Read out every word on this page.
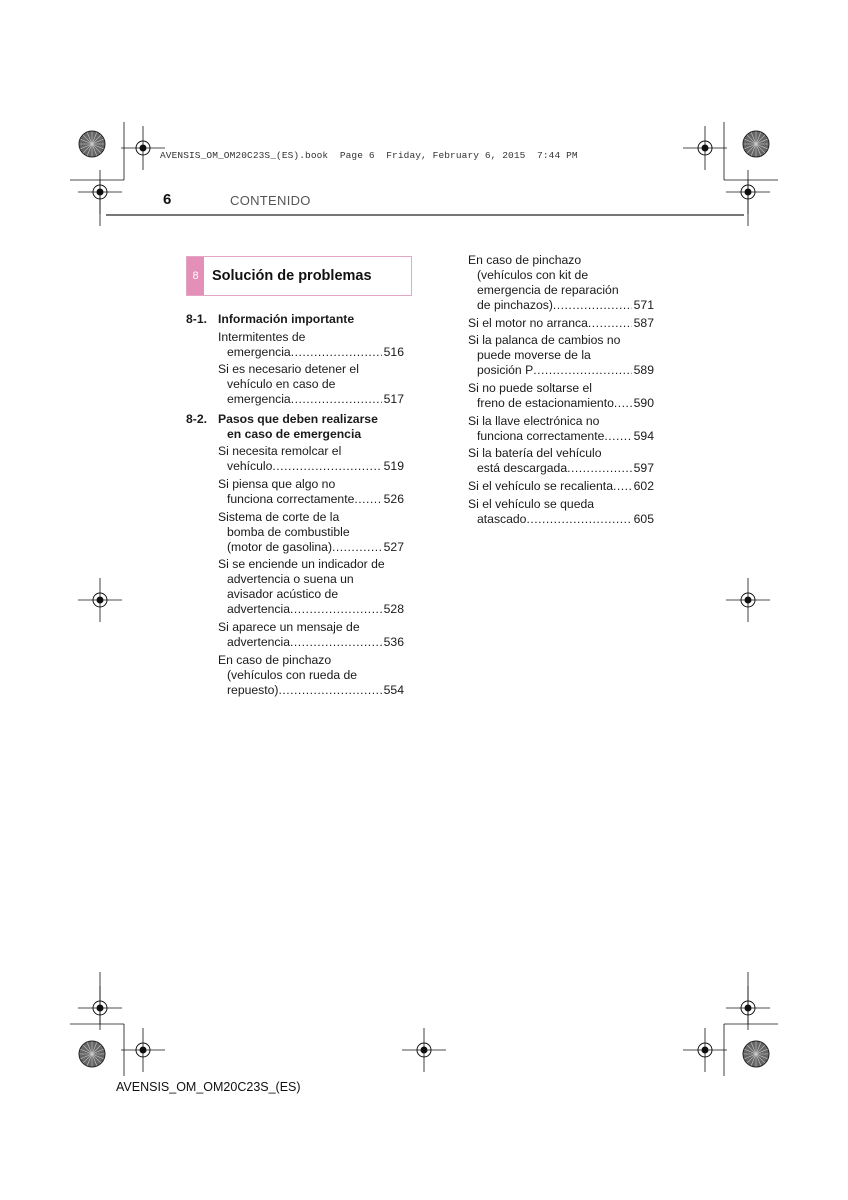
AVENSIS_OM_OM20C23S_(ES).book  Page 6  Friday, February 6, 2015  7:44 PM
6	CONTENIDO
8 Solución de problemas
8-1. Información importante
Intermitentes de
emergencia .....	516
Si es necesario detener el
vehículo en caso de
emergencia .....	517
8-2. Pasos que deben realizarse
en caso de emergencia
Si necesita remolcar el
vehículo .....	519
Si piensa que algo no
funciona correctamente ..... 526
Sistema de corte de la
bomba de combustible
(motor de gasolina) .....	527
Si se enciende un indicador de
advertencia o suena un
avisador acústico de
advertencia .....	528
Si aparece un mensaje de
advertencia .....	536
En caso de pinchazo
(vehículos con rueda de
repuesto) .....	554
En caso de pinchazo
(vehículos con kit de
emergencia de reparación
de pinchazos) .....	571
Si el motor no arranca .....	587
Si la palanca de cambios no
puede moverse de la
posición P .....	589
Si no puede soltarse el
freno de estacionamiento ..... 590
Si la llave electrónica no
funciona correctamente ..... 594
Si la batería del vehículo
está descargada .....	597
Si el vehículo se recalienta ..... 602
Si el vehículo se queda
atascado .....	605
AVENSIS_OM_OM20C23S_(ES)
